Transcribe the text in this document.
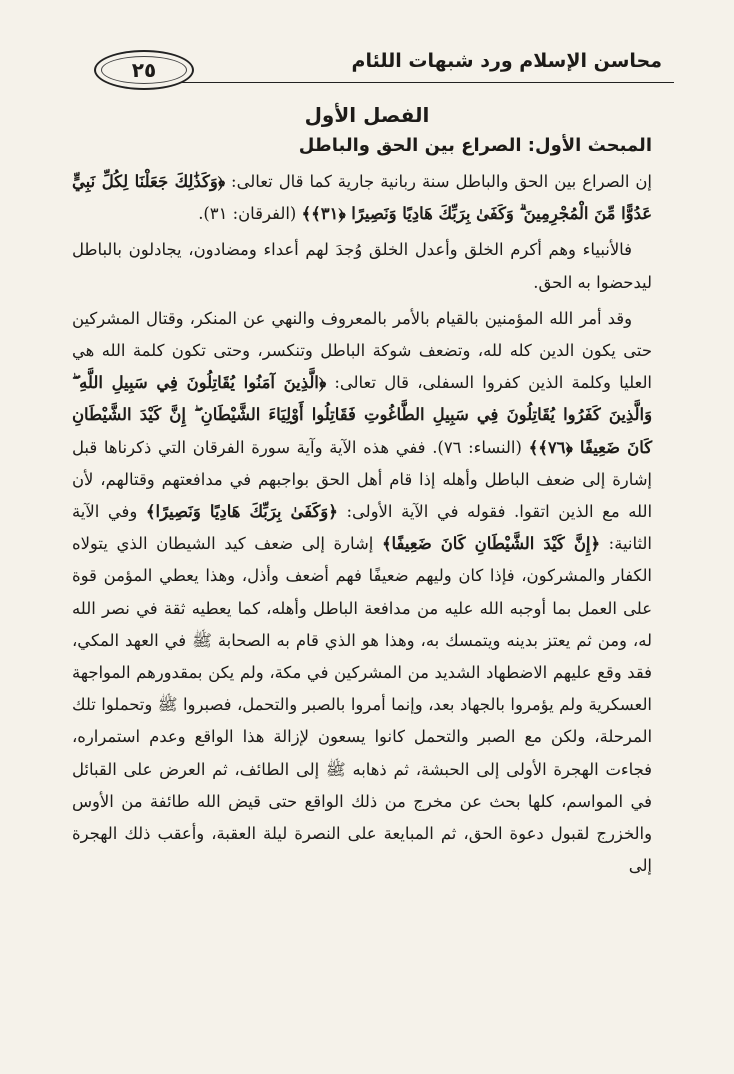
محاسن الإسلام ورد شبهات اللئام
٢٥
الفصل الأول
المبحث الأول: الصراع بين الحق والباطل

إن الصراع بين الحق والباطل سنة ربانية جارية كما قال تعالى: ﴿وَكَذَٰلِكَ جَعَلْنَا لِكُلِّ نَبِيٍّ عَدُوًّا مِّنَ الْمُجْرِمِينَ ۗ وَكَفَىٰ بِرَبِّكَ هَادِيًا وَنَصِيرًا ﴿٣١﴾﴾ (الفرقان: ٣١).

فالأنبياء وهم أكرم الخلق وأعدل الخلق وُجدَ لهم أعداء ومضادون، يجادلون بالباطل ليدحضوا به الحق.

وقد أمر الله المؤمنين بالقيام بالأمر بالمعروف والنهي عن المنكر، وقتال المشركين حتى يكون الدين كله لله، وتضعف شوكة الباطل وتنكسر، وحتى تكون كلمة الله هي العليا وكلمة الذين كفروا السفلى، قال تعالى: ﴿الَّذِينَ آمَنُوا يُقَاتِلُونَ فِي سَبِيلِ اللَّهِ ۖ وَالَّذِينَ كَفَرُوا يُقَاتِلُونَ فِي سَبِيلِ الطَّاغُوتِ فَقَاتِلُوا أَوْلِيَاءَ الشَّيْطَانِ ۖ إِنَّ كَيْدَ الشَّيْطَانِ كَانَ ضَعِيفًا ﴿٧٦﴾﴾ (النساء: ٧٦). ففي هذه الآية وآية سورة الفرقان التي ذكرناها قبل إشارة إلى ضعف الباطل وأهله إذا قام أهل الحق بواجبهم في مدافعتهم وقتالهم، لأن الله مع الذين اتقوا. فقوله في الآية الأولى: ﴿وَكَفَىٰ بِرَبِّكَ هَادِيًا وَنَصِيرًا﴾ وفي الآية الثانية: ﴿إِنَّ كَيْدَ الشَّيْطَانِ كَانَ ضَعِيفًا﴾ إشارة إلى ضعف كيد الشيطان الذي يتولاه الكفار والمشركون، فإذا كان وليهم ضعيفًا فهم أضعف وأذل، وهذا يعطي المؤمن قوة على العمل بما أوجبه الله عليه من مدافعة الباطل وأهله، كما يعطيه ثقة في نصر الله له، ومن ثم يعتز بدينه ويتمسك به، وهذا هو الذي قام به الصحابة ﷺ في العهد المكي، فقد وقع عليهم الاضطهاد الشديد من المشركين في مكة، ولم يكن بمقدورهم المواجهة العسكرية ولم يؤمروا بالجهاد بعد، وإنما أمروا بالصبر والتحمل، فصبروا ﷺ وتحملوا تلك المرحلة، ولكن مع الصبر والتحمل كانوا يسعون لإزالة هذا الواقع وعدم استمراره، فجاءت الهجرة الأولى إلى الحبشة، ثم ذهابه ﷺ إلى الطائف، ثم العرض على القبائل في المواسم، كلها بحث عن مخرج من ذلك الواقع حتى قيض الله طائفة من الأوس والخزرج لقبول دعوة الحق، ثم المبايعة على النصرة ليلة العقبة، وأعقب ذلك الهجرة إلى
